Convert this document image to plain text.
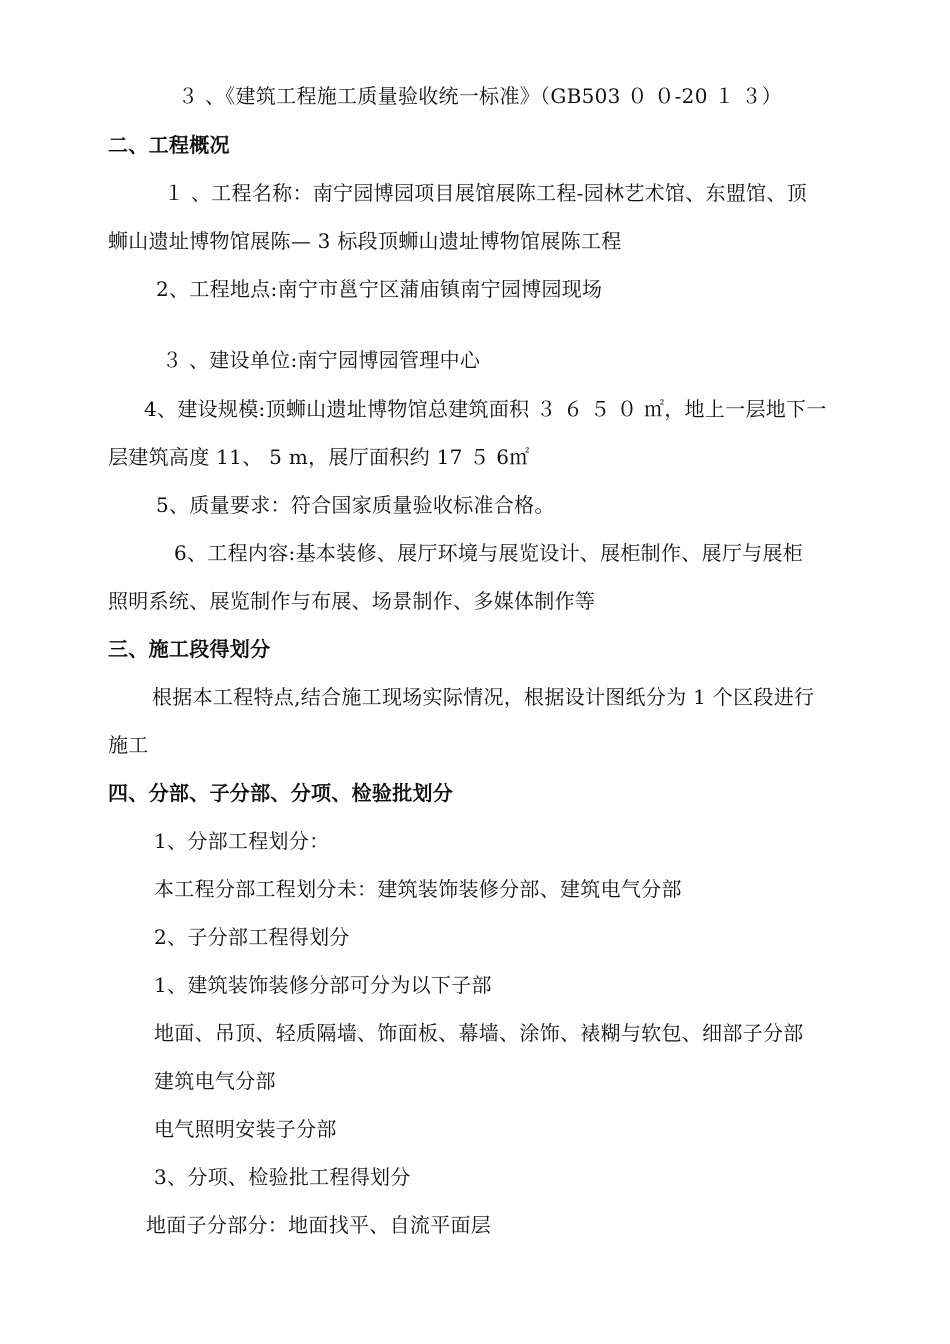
３ 、《建筑工程施工质量验收统一标准》（GB503 ０ ０-20 １ ３）
二、工程概况
１ 、工程名称：南宁园博园项目展馆展陈工程-园林艺术馆、东盟馆、顶
蛳山遗址博物馆展陈— 3 标段顶蛳山遗址博物馆展陈工程
2、工程地点:南宁市邕宁区蒲庙镇南宁园博园现场
３ 、建设单位:南宁园博园管理中心
4、建设规模:顶蛳山遗址博物馆总建筑面积 ３ ６ ５ ０ ㎡，地上一层地下一
层建筑高度 11、 5 m，展厅面积约 17 ５ 6㎡
5、质量要求：符合国家质量验收标准合格。
6、工程内容:基本装修、展厅环境与展览设计、展柜制作、展厅与展柜
照明系统、展览制作与布展、场景制作、多媒体制作等
三、施工段得划分
根据本工程特点,结合施工现场实际情况，根据设计图纸分为 1 个区段进行
施工
四、分部、子分部、分项、检验批划分
1、分部工程划分：
本工程分部工程划分未：建筑装饰装修分部、建筑电气分部
2、子分部工程得划分
1、建筑装饰装修分部可分为以下子部
地面、吊顶、轻质隔墙、饰面板、幕墙、涂饰、裱糊与软包、细部子分部
建筑电气分部
电气照明安装子分部
3、分项、检验批工程得划分
地面子分部分：地面找平、自流平面层
